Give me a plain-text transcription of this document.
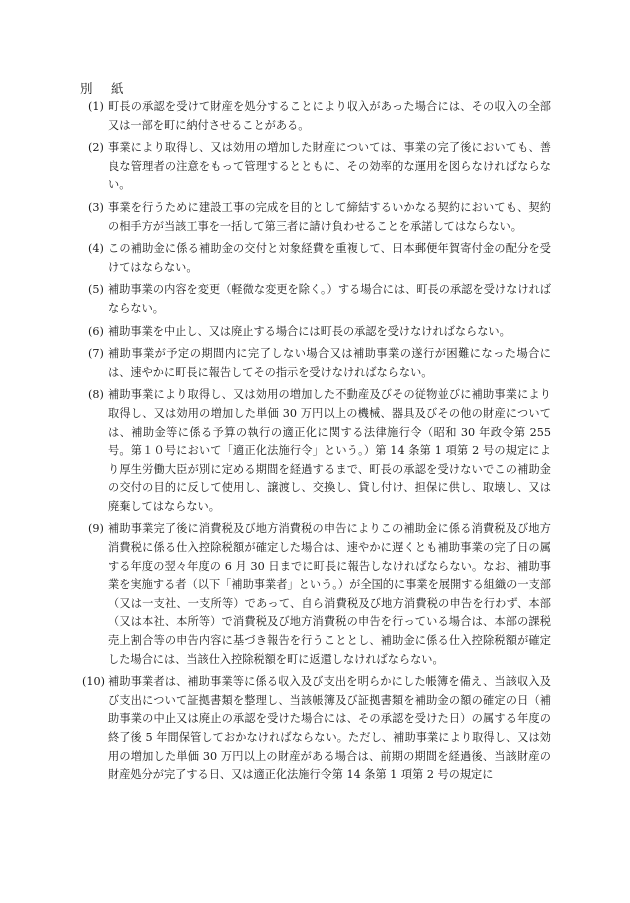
別　紙
(1) 町長の承認を受けて財産を処分することにより収入があった場合には、その収入の全部又は一部を町に納付させることがある。
(2) 事業により取得し、又は効用の増加した財産については、事業の完了後においても、善良な管理者の注意をもって管理するとともに、その効率的な運用を図らなければならない。
(3) 事業を行うために建設工事の完成を目的として締結するいかなる契約においても、契約の相手方が当該工事を一括して第三者に請け負わせることを承諾してはならない。
(4) この補助金に係る補助金の交付と対象経費を重複して、日本郵便年賀寄付金の配分を受けてはならない。
(5) 補助事業の内容を変更（軽微な変更を除く。）する場合には、町長の承認を受けなければならない。
(6) 補助事業を中止し、又は廃止する場合には町長の承認を受けなければならない。
(7) 補助事業が予定の期間内に完了しない場合又は補助事業の遂行が困難になった場合には、速やかに町長に報告してその指示を受けなければならない。
(8) 補助事業により取得し、又は効用の増加した不動産及びその従物並びに補助事業により取得し、又は効用の増加した単価 30 万円以上の機械、器具及びその他の財産については、補助金等に係る予算の執行の適正化に関する法律施行令（昭和 30 年政令第 255 号。第１０号において「適正化法施行令」という。）第 14 条第 1 項第 2 号の規定により厚生労働大臣が別に定める期間を経過するまで、町長の承認を受けないでこの補助金の交付の目的に反して使用し、譲渡し、交換し、貸し付け、担保に供し、取壊し、又は廃棄してはならない。
(9) 補助事業完了後に消費税及び地方消費税の申告によりこの補助金に係る消費税及び地方消費税に係る仕入控除税額が確定した場合は、速やかに遅くとも補助事業の完了日の属する年度の翌々年度の 6 月 30 日までに町長に報告しなければならない。なお、補助事業を実施する者（以下「補助事業者」という。）が全国的に事業を展開する組織の一支部（又は一支社、一支所等）であって、自ら消費税及び地方消費税の申告を行わず、本部（又は本社、本所等）で消費税及び地方消費税の申告を行っている場合は、本部の課税売上割合等の申告内容に基づき報告を行うこととし、補助金に係る仕入控除税額が確定した場合には、当該仕入控除税額を町に返還しなければならない。
(10) 補助事業者は、補助事業等に係る収入及び支出を明らかにした帳簿を備え、当該収入及び支出について証拠書類を整理し、当該帳簿及び証拠書類を補助金の額の確定の日（補助事業の中止又は廃止の承認を受けた場合には、その承認を受けた日）の属する年度の終了後 5 年間保管しておかなければならない。ただし、補助事業により取得し、又は効用の増加した単価 30 万円以上の財産がある場合は、前期の期間を経過後、当該財産の財産処分が完了する日、又は適正化法施行令第 14 条第 1 項第 2 号の規定に
